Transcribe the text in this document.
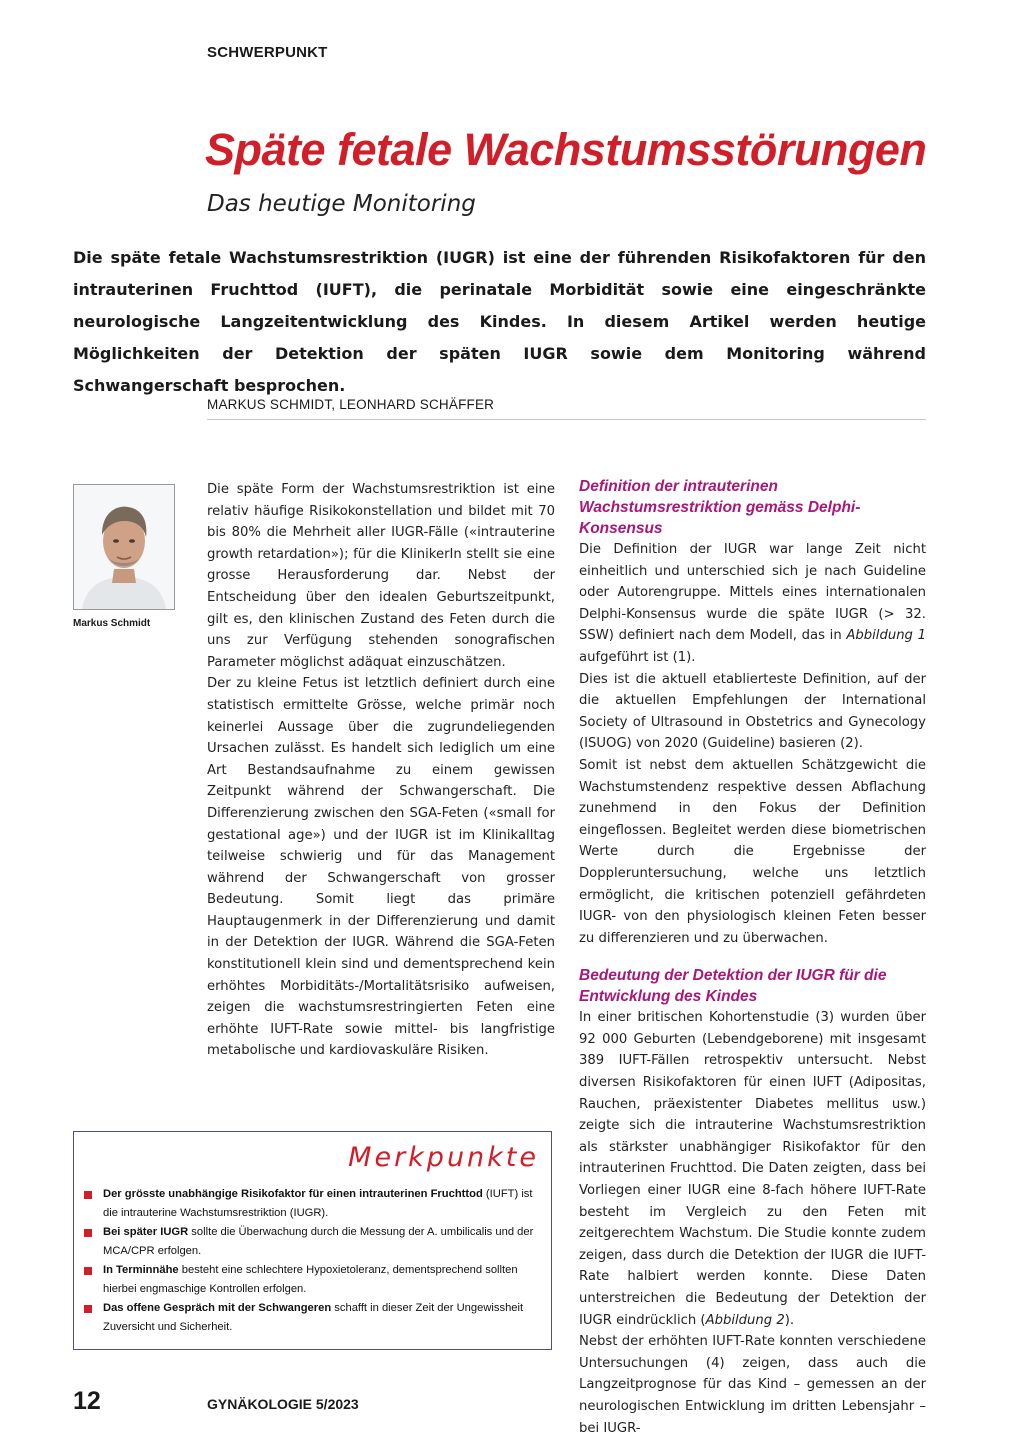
SCHWERPUNKT
Späte fetale Wachstumsstörungen
Das heutige Monitoring
Die späte fetale Wachstumsrestriktion (IUGR) ist eine der führenden Risikofaktoren für den intrauterinen Fruchttod (IUFT), die perinatale Morbidität sowie eine eingeschränkte neurologische Langzeitentwicklung des Kindes. In diesem Artikel werden heutige Möglichkeiten der Detektion der späten IUGR sowie dem Monitoring während Schwangerschaft besprochen.
MARKUS SCHMIDT, LEONHARD SCHÄFFER
Markus Schmidt

Die späte Form der Wachstumsrestriktion ist eine relativ häufige Risikokonstellation und bildet mit 70 bis 80% die Mehrheit aller IUGR-Fälle («intrauterine growth retardation»); für die KlinikerIn stellt sie eine grosse Herausforderung dar. Nebst der Entscheidung über den idealen Geburtszeitpunkt, gilt es, den klinischen Zustand des Feten durch die uns zur Verfügung stehenden sonografischen Parameter möglichst adäquat einzuschätzen.

Der zu kleine Fetus ist letztlich definiert durch eine statistisch ermittelte Grösse, welche primär noch keinerlei Aussage über die zugrundeliegenden Ursachen zulässt. Es handelt sich lediglich um eine Art Bestandsaufnahme zu einem gewissen Zeitpunkt während der Schwangerschaft. Die Differenzierung zwischen den SGA-Feten («small for gestational age») und der IUGR ist im Klinikalltag teilweise schwierig und für das Management während der Schwangerschaft von grosser Bedeutung. Somit liegt das primäre Hauptaugenmerk in der Differenzierung und damit in der Detektion der IUGR. Während die SGA-Feten konstitutionell klein sind und dementsprechend kein erhöhtes Morbiditäts-/Mortalitätsrisiko aufweisen, zeigen die wachstumsrestringierten Feten eine erhöhte IUFT-Rate sowie mittel- bis langfristige metabolische und kardiovaskuläre Risiken.

Definition der intrauterinen Wachstumsrestriktion gemäss Delphi-Konsensus

Die Definition der IUGR war lange Zeit nicht einheitlich und unterschied sich je nach Guideline oder Autorengruppe. Mittels eines internationalen Delphi-Konsensus wurde die späte IUGR (> 32. SSW) definiert nach dem Modell, das in Abbildung 1 aufgeführt ist (1).

Dies ist die aktuell etablierteste Definition, auf der die aktuellen Empfehlungen der International Society of Ultrasound in Obstetrics and Gynecology (ISUOG) von 2020 (Guideline) basieren (2).

Somit ist nebst dem aktuellen Schätzgewicht die Wachstumstendenz respektive dessen Abflachung zunehmend in den Fokus der Definition eingeflossen. Begleitet werden diese biometrischen Werte durch die Ergebnisse der Doppleruntersuchung, welche uns letztlich ermöglicht, die kritischen potenziell gefährdeten IUGR- von den physiologisch kleinen Feten besser zu differenzieren und zu überwachen.

Bedeutung der Detektion der IUGR für die Entwicklung des Kindes

In einer britischen Kohortenstudie (3) wurden über 92 000 Geburten (Lebendgeborene) mit insgesamt 389 IUFT-Fällen retrospektiv untersucht. Nebst diversen Risikofaktoren für einen IUFT (Adipositas, Rauchen, präexistenter Diabetes mellitus usw.) zeigte sich die intrauterine Wachstumsrestriktion als stärkster unabhängiger Risikofaktor für den intrauterinen Fruchttod. Die Daten zeigten, dass bei Vorliegen einer IUGR eine 8-fach höhere IUFT-Rate besteht im Vergleich zu den Feten mit zeitgerechtem Wachstum. Die Studie konnte zudem zeigen, dass durch die Detektion der IUGR die IUFT-Rate halbiert werden konnte. Diese Daten unterstreichen die Bedeutung der Detektion der IUGR eindrücklich (Abbildung 2).

Nebst der erhöhten IUFT-Rate konnten verschiedene Untersuchungen (4) zeigen, dass auch die Langzeitprognose für das Kind – gemessen an der neurologischen Entwicklung im dritten Lebensjahr – bei IUGR-

Merkpunkte
Der grösste unabhängige Risikofaktor für einen intrauterinen Fruchttod (IUFT) ist die intrauterine Wachstumsrestriktion (IUGR).
Bei später IUGR sollte die Überwachung durch die Messung der A. umbilicalis und der MCA/CPR erfolgen.
In Terminnähe besteht eine schlechtere Hypoxietoleranz, dementsprechend sollten hierbei engmaschige Kontrollen erfolgen.
Das offene Gespräch mit der Schwangeren schafft in dieser Zeit der Ungewissheit Zuversicht und Sicherheit.
12	GYNÄKOLOGIE 5/2023
